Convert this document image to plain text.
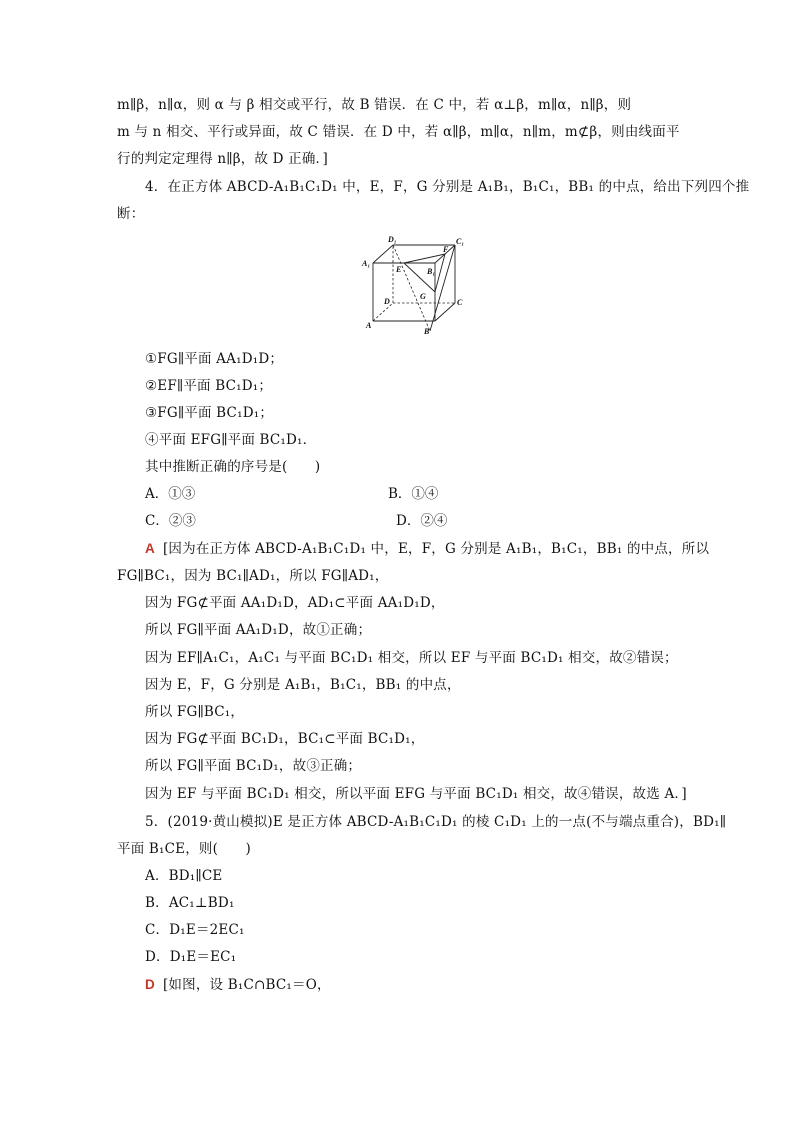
m∥β，n∥α，则 α 与 β 相交或平行，故 B 错误．在 C 中，若 α⊥β，m∥α，n∥β，则
m 与 n 相交、平行或异面，故 C 错误．在 D 中，若 α∥β，m∥α，n∥m，m⊄β，则由线面平
行的判定定理得 n∥β，故 D 正确．]
4．在正方体 ABCD-A₁B₁C₁D₁ 中，E，F，G 分别是 A₁B₁，B₁C₁，BB₁ 的中点，给出下列四个推
断：
D₁	C₁
A₁
E
F
B₁
G
D	C
A
B
①FG∥平面 AA₁D₁D；
②EF∥平面 BC₁D₁；
③FG∥平面 BC₁D₁；
④平面 EFG∥平面 BC₁D₁．
其中推断正确的序号是(　　)
A．①③	B．①④
C．②③	D．②④
A [因为在正方体 ABCD-A₁B₁C₁D₁ 中，E，F，G 分别是 A₁B₁，B₁C₁，BB₁ 的中点，所以
FG∥BC₁，因为 BC₁∥AD₁，所以 FG∥AD₁，
因为 FG⊄平面 AA₁D₁D，AD₁⊂平面 AA₁D₁D，
所以 FG∥平面 AA₁D₁D，故①正确；
因为 EF∥A₁C₁，A₁C₁ 与平面 BC₁D₁ 相交，所以 EF 与平面 BC₁D₁ 相交，故②错误；
因为 E，F，G 分别是 A₁B₁，B₁C₁，BB₁ 的中点，
所以 FG∥BC₁，
因为 FG⊄平面 BC₁D₁，BC₁⊂平面 BC₁D₁，
所以 FG∥平面 BC₁D₁，故③正确；
因为 EF 与平面 BC₁D₁ 相交，所以平面 EFG 与平面 BC₁D₁ 相交，故④错误，故选 A．]
5．(2019·黄山模拟)E 是正方体 ABCD-A₁B₁C₁D₁ 的棱 C₁D₁ 上的一点(不与端点重合)，BD₁∥
平面 B₁CE，则(　　)
A．BD₁∥CE
B．AC₁⊥BD₁
C．D₁E＝2EC₁
D．D₁E＝EC₁
D [如图，设 B₁C∩BC₁＝O，
